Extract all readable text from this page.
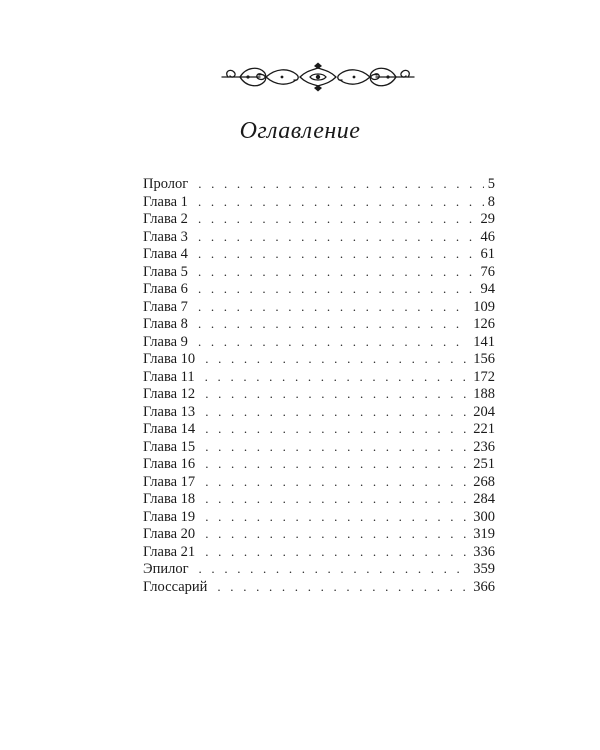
Оглавление
Пролог . . .	5
Глава 1 . . .	8
Глава 2 . . .	29
Глава 3 . . .	46
Глава 4 . . .	61
Глава 5 . . .	76
Глава 6 . . .	94
Глава 7 . . .	109
Глава 8 . . .	126
Глава 9 . . .	141
Глава 10 . . .	156
Глава 11 . . .	172
Глава 12 . . .	188
Глава 13 . . .	204
Глава 14 . . .	221
Глава 15 . . .	236
Глава 16 . . .	251
Глава 17 . . .	268
Глава 18 . . .	284
Глава 19 . . .	300
Глава 20 . . .	319
Глава 21 . . .	336
Эпилог . . .	359
Глоссарий . . .	366
